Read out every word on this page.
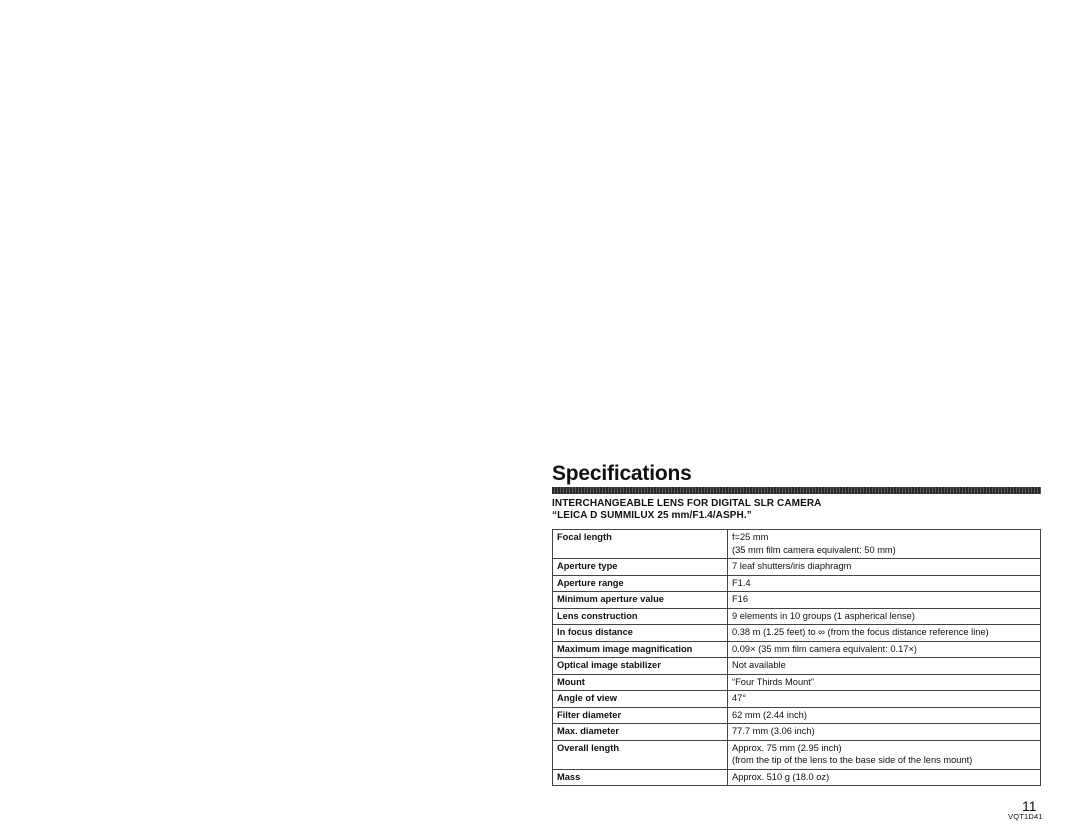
Specifications
INTERCHANGEABLE LENS FOR DIGITAL SLR CAMERA
“LEICA D SUMMILUX 25 mm/F1.4/ASPH.”
Focal length	f=25 mm
(35 mm film camera equivalent: 50 mm)

Aperture type	7 leaf shutters/iris diaphragm

Aperture range	F1.4

Minimum aperture value	F16

Lens construction	9 elements in 10 groups (1 aspherical lense)

In focus distance	0.38 m (1.25 feet) to ∞ (from the focus distance reference line)

Maximum image magnification	0.09× (35 mm film camera equivalent: 0.17×)

Optical image stabilizer	Not available

Mount	“Four Thirds Mount”

Angle of view	47°

Filter diameter	62 mm (2.44 inch)

Max. diameter	77.7 mm (3.06 inch)

Overall length	Approx. 75 mm (2.95 inch)
(from the tip of the lens to the base side of the lens mount)

Mass	Approx. 510 g (18.0 oz)
11
VQT1D41
